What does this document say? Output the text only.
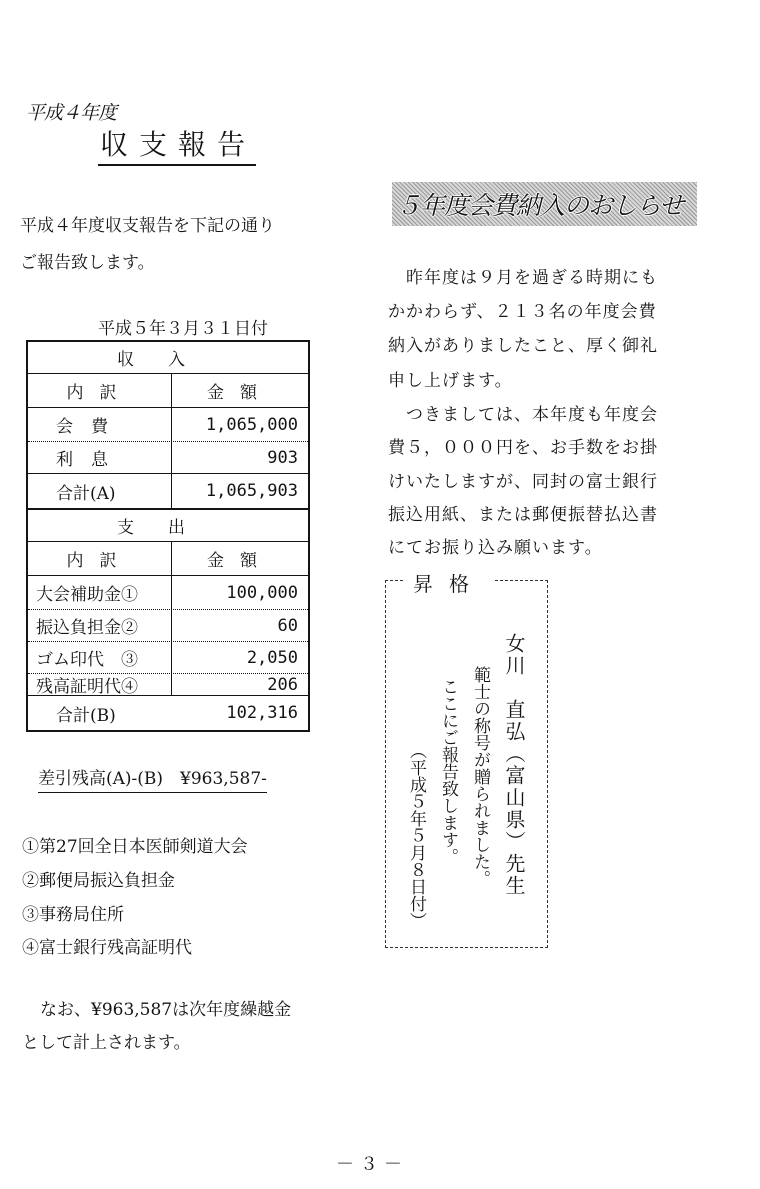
平成４年度
収支報告
平成４年度収支報告を下記の通り
ご報告致します。
平成５年３月３１日付
収入
内訳	金額
会費	1,065,000
利息	903
合計(A)	1,065,903
支出
内訳	金額
大会補助金①	100,000
振込負担金②	60
ゴム印代　③	2,050
残高証明代④	206
合計(B)	102,316
差引残高(A)-(B)　¥963,587-
①第27回全日本医師剣道大会
②郵便局振込負担金
③事務局住所
④富士銀行残高証明代
なお、¥963,587は次年度繰越金
として計上されます。
５年度会費納入のおしらせ
　昨年度は９月を過ぎる時期にも
かかわらず、２１３名の年度会費
納入がありましたこと、厚く御礼
申し上げます。
　つきましては、本年度も年度会
費５，０００円を、お手数をお掛
けいたしますが、同封の富士銀行
振込用紙、または郵便振替払込書
にてお振り込み願います。
昇格
女川　直弘（富山県）先生
範士の称号が贈られました。
ここにご報告致します。
（平成５年５月８日付）
－３－
